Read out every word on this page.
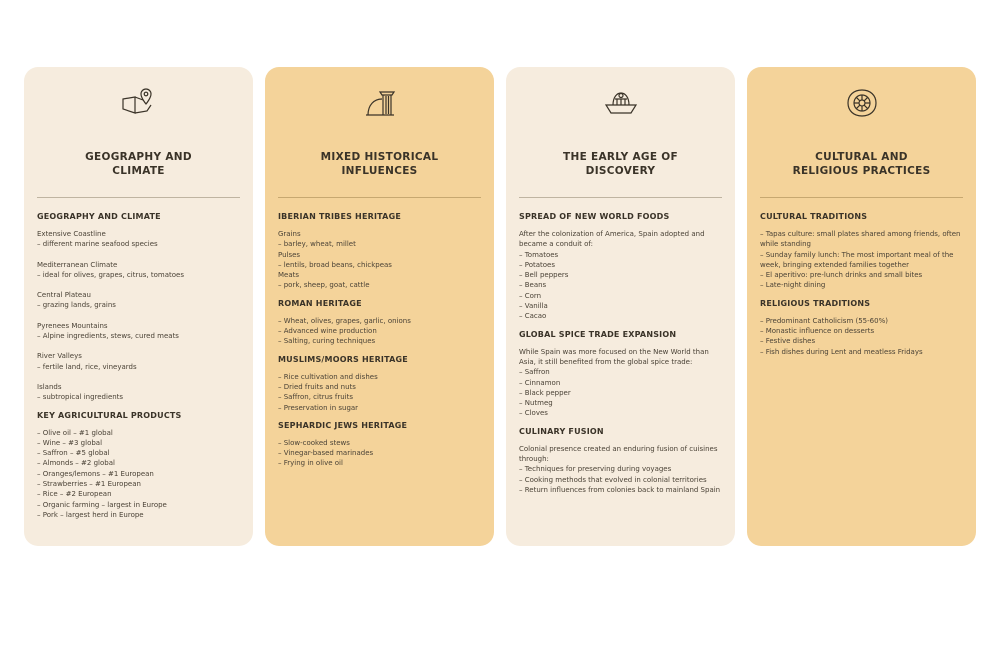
GEOGRAPHY AND CLIMATE
GEOGRAPHY AND CLIMATE

Extensive Coastline
– different marine seafood species

Mediterranean Climate
– ideal for olives, grapes, citrus, tomatoes

Central Plateau
– grazing lands, grains

Pyrenees Mountains
– Alpine ingredients, stews, cured meats

River Valleys
– fertile land, rice, vineyards

Islands
– subtropical ingredients

KEY AGRICULTURAL PRODUCTS

– Olive oil – #1 global
– Wine – #3 global
– Saffron – #5 global
– Almonds – #2 global
– Oranges/lemons – #1 European
– Strawberries – #1 European
– Rice – #2 European
– Organic farming – largest in Europe
– Pork – largest herd in Europe

MIXED HISTORICAL INFLUENCES
IBERIAN TRIBES HERITAGE

Grains
– barley, wheat, millet
Pulses
– lentils, broad beans, chickpeas
Meats
– pork, sheep, goat, cattle

ROMAN HERITAGE

– Wheat, olives, grapes, garlic, onions
– Advanced wine production
– Salting, curing techniques

MUSLIMS/MOORS HERITAGE

– Rice cultivation and dishes
– Dried fruits and nuts
– Saffron, citrus fruits
– Preservation in sugar

SEPHARDIC JEWS HERITAGE

– Slow-cooked stews
– Vinegar-based marinades
– Frying in olive oil

THE EARLY AGE OF DISCOVERY
SPREAD OF NEW WORLD FOODS

After the colonization of America, Spain adopted and became a conduit of:
– Tomatoes
– Potatoes
– Bell peppers
– Beans
– Corn
– Vanilla
– Cacao

GLOBAL SPICE TRADE EXPANSION

While Spain was more focused on the New World than Asia, it still benefited from the global spice trade:
– Saffron
– Cinnamon
– Black pepper
– Nutmeg
– Cloves

CULINARY FUSION

Colonial presence created an enduring fusion of cuisines through:
– Techniques for preserving during voyages
– Cooking methods that evolved in colonial territories
– Return influences from colonies back to mainland Spain

CULTURAL AND RELIGIOUS PRACTICES
CULTURAL TRADITIONS

– Tapas culture: small plates shared among friends, often while standing
– Sunday family lunch: The most important meal of the week, bringing extended families together
– El aperitivo: pre-lunch drinks and small bites
– Late-night dining

RELIGIOUS TRADITIONS

– Predominant Catholicism (55-60%)
– Monastic influence on desserts
– Festive dishes
– Fish dishes during Lent and meatless Fridays
